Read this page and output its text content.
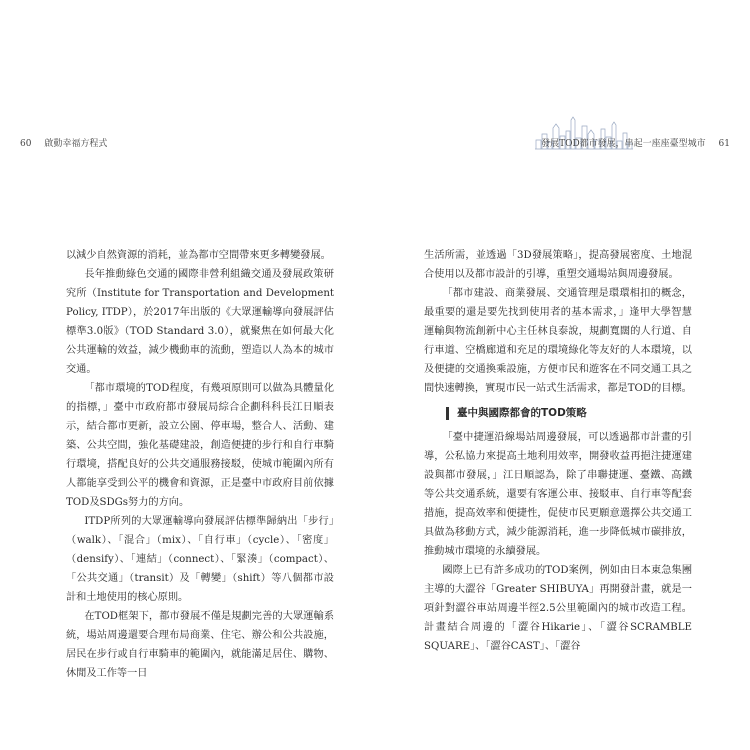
60 啟動幸福方程式

以減少自然資源的消耗，並為都市空間帶來更多轉變發展。

長年推動綠色交通的國際非營利組織交通及發展政策研究所（Institute for Transportation and Development Policy, ITDP），於2017年出版的《大眾運輸導向發展評估標準3.0版》（TOD Standard 3.0），就聚焦在如何最大化公共運輸的效益，減少機動車的流動，塑造以人為本的城市交通。

「都市環境的TOD程度，有幾項原則可以做為具體量化的指標，」臺中市政府都市發展局綜合企劃科科長江日順表示，結合都市更新，設立公園、停車場，整合人、活動、建築、公共空間，強化基礎建設，創造便捷的步行和自行車騎行環境，搭配良好的公共交通服務接駁，使城市範圍內所有人都能享受到公平的機會和資源，正是臺中市政府目前依據TOD及SDGs努力的方向。

ITDP所列的大眾運輸導向發展評估標準歸納出「步行」（walk）、「混合」（mix）、「自行車」（cycle）、「密度」（densify）、「連結」（connect）、「緊湊」（compact）、「公共交通」（transit）及「轉變」（shift）等八個都市設計和土地使用的核心原則。

在TOD框架下，都市發展不僅是規劃完善的大眾運輸系統，場站周邊還要合理布局商業、住宅、辦公和公共設施，居民在步行或自行車騎車的範圍內，就能滿足居住、購物、休閒及工作等一日

發展TOD都市發展，串起一座座臺型城市 61

生活所需，並透過「3D發展策略」，提高發展密度、土地混合使用以及都市設計的引導，重塑交通場站與周邊發展。

「都市建設、商業發展、交通管理是環環相扣的概念，最重要的還是要先找到使用者的基本需求，」逢甲大學智慧運輸與物流創新中心主任林良泰說，規劃寬闊的人行道、自行車道、空橋廊道和充足的環境綠化等友好的人本環境，以及便捷的交通換乘設施，方便市民和遊客在不同交通工具之間快速轉換，實現市民一站式生活需求，都是TOD的目標。

臺中與國際都會的TOD策略

「臺中捷運沿線場站周邊發展，可以透過都市計畫的引導，公私協力來提高土地利用效率，開發收益再挹注捷運建設與都市發展，」江日順認為，除了串聯捷運、臺鐵、高鐵等公共交通系統，還要有客運公車、接駁車、自行車等配套措施，提高效率和便捷性，促使市民更願意選擇公共交通工具做為移動方式，減少能源消耗，進一步降低城市碳排放，推動城市環境的永續發展。

國際上已有許多成功的TOD案例，例如由日本東急集團主導的大澀谷「Greater SHIBUYA」再開發計畫，就是一項針對澀谷車站周邊半徑2.5公里範圍內的城市改造工程。計畫結合周邊的「澀谷Hikarie」、「澀谷SCRAMBLE SQUARE」、「澀谷CAST」、「澀谷
